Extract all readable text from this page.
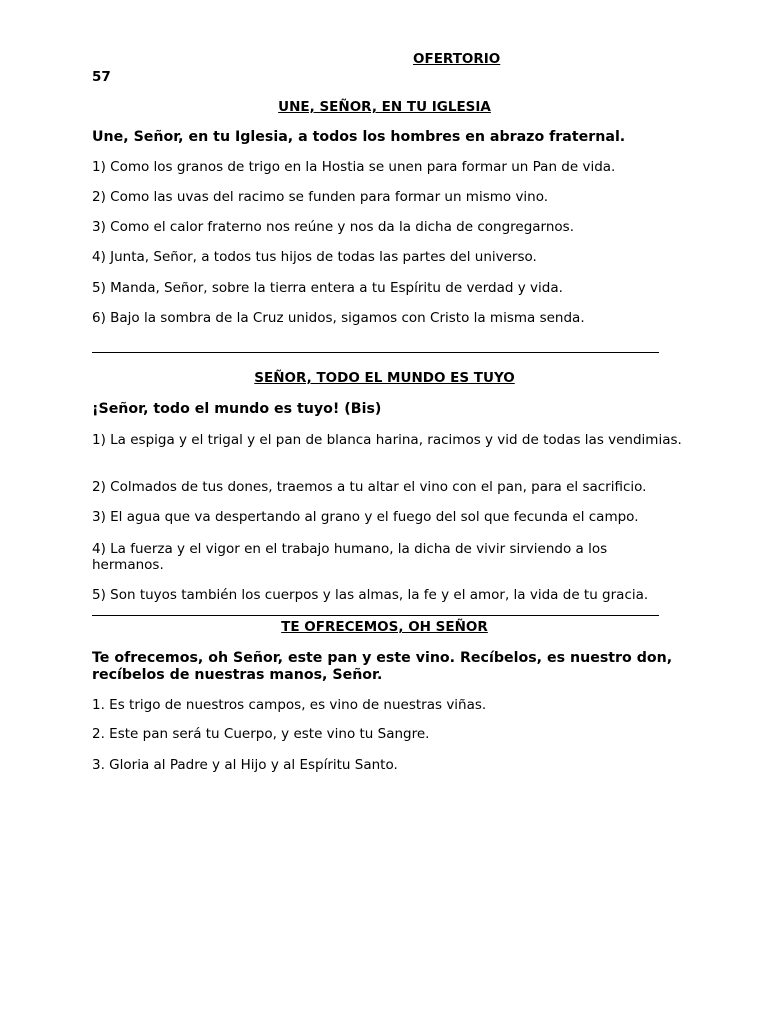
OFERTORIO
57
UNE, SEÑOR, EN TU IGLESIA
Une, Señor, en tu Iglesia, a todos los hombres en abrazo fraternal.
1) Como los granos de trigo en la Hostia se unen para formar un Pan de vida.
2) Como las uvas del racimo se funden para formar un mismo vino.
3) Como el calor fraterno nos reúne y nos da la dicha de congregarnos.
4) Junta, Señor, a todos tus hijos de todas las partes del universo.
5) Manda, Señor, sobre la tierra entera a tu Espíritu de verdad y vida.
6) Bajo la sombra de la Cruz unidos, sigamos con Cristo la misma senda.
SEÑOR, TODO EL MUNDO ES TUYO
¡Señor, todo el mundo es tuyo! (Bis)
1) La espiga y el trigal y el pan de blanca harina, racimos y vid de todas las vendimias.
2) Colmados de tus dones, traemos a tu altar el vino con el pan, para el sacrificio.
3) El agua que va despertando al grano y el fuego del sol que fecunda el campo.
4) La fuerza y el vigor en el trabajo humano, la dicha de vivir sirviendo a los hermanos.
5) Son tuyos también los cuerpos y las almas, la fe y el amor, la vida de tu gracia.
TE OFRECEMOS, OH SEÑOR
Te ofrecemos, oh Señor, este pan y este vino. Recíbelos, es nuestro don, recíbelos de nuestras manos, Señor.
1. Es trigo de nuestros campos, es vino de nuestras viñas.
2. Este pan será tu Cuerpo, y este vino tu Sangre.
3. Gloria al Padre y al Hijo y al Espíritu Santo.
